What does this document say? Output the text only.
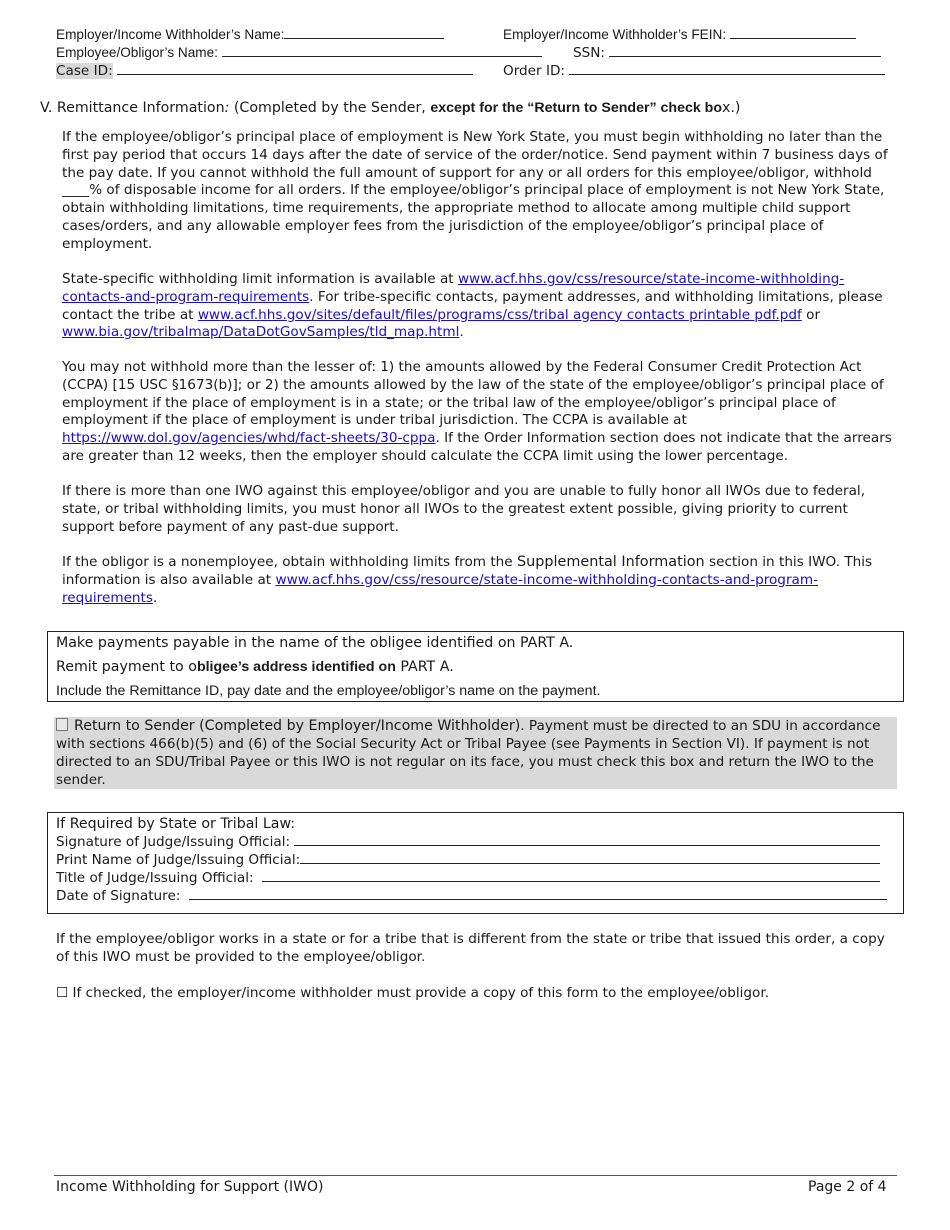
Employer/Income Withholder’s Name:	Employer/Income Withholder’s FEIN:
Employee/Obligor’s Name:	SSN:
Case ID:	Order ID:
V. Remittance Information: (Completed by the Sender, except for the “Return to Sender” check box.)

If the employee/obligor’s principal place of employment is New York State, you must begin withholding no later than the first pay period that occurs 14 days after the date of service of the order/notice. Send payment within 7 business days of the pay date. If you cannot withhold the full amount of support for any or all orders for this employee/obligor, withhold ____% of disposable income for all orders. If the employee/obligor’s principal place of employment is not New York State, obtain withholding limitations, time requirements, the appropriate method to allocate among multiple child support cases/orders, and any allowable employer fees from the jurisdiction of the employee/obligor’s principal place of employment.

State-specific withholding limit information is available at www.acf.hhs.gov/css/resource/state-income-withholding-contacts-and-program-requirements. For tribe-specific contacts, payment addresses, and withholding limitations, please contact the tribe at www.acf.hhs.gov/sites/default/files/programs/css/tribal agency contacts printable pdf.pdf or www.bia.gov/tribalmap/DataDotGovSamples/tld_map.html.

You may not withhold more than the lesser of: 1) the amounts allowed by the Federal Consumer Credit Protection Act (CCPA) [15 USC §1673(b)]; or 2) the amounts allowed by the law of the state of the employee/obligor’s principal place of employment if the place of employment is in a state; or the tribal law of the employee/obligor’s principal place of employment if the place of employment is under tribal jurisdiction. The CCPA is available at https://www.dol.gov/agencies/whd/fact-sheets/30-cppa. If the Order Information section does not indicate that the arrears are greater than 12 weeks, then the employer should calculate the CCPA limit using the lower percentage.

If there is more than one IWO against this employee/obligor and you are unable to fully honor all IWOs due to federal, state, or tribal withholding limits, you must honor all IWOs to the greatest extent possible, giving priority to current support before payment of any past-due support.

If the obligor is a nonemployee, obtain withholding limits from the Supplemental Information section in this IWO. This information is also available at www.acf.hhs.gov/css/resource/state-income-withholding-contacts-and-program-requirements.

Make payments payable in the name of the obligee identified on PART A.
Remit payment to obligee’s address identified on PART A.
Include the Remittance ID, pay date and the employee/obligor’s name on the payment.
Return to Sender (Completed by Employer/Income Withholder). Payment must be directed to an SDU in accordance with sections 466(b)(5) and (6) of the Social Security Act or Tribal Payee (see Payments in Section VI). If payment is not directed to an SDU/Tribal Payee or this IWO is not regular on its face, you must check this box and return the IWO to the sender.
If Required by State or Tribal Law:
Signature of Judge/Issuing Official:
Print Name of Judge/Issuing Official:
Title of Judge/Issuing Official:
Date of Signature:

If the employee/obligor works in a state or for a tribe that is different from the state or tribe that issued this order, a copy of this IWO must be provided to the employee/obligor.

☐ If checked, the employer/income withholder must provide a copy of this form to the employee/obligor.
Income Withholding for Support (IWO)	Page 2 of 4
